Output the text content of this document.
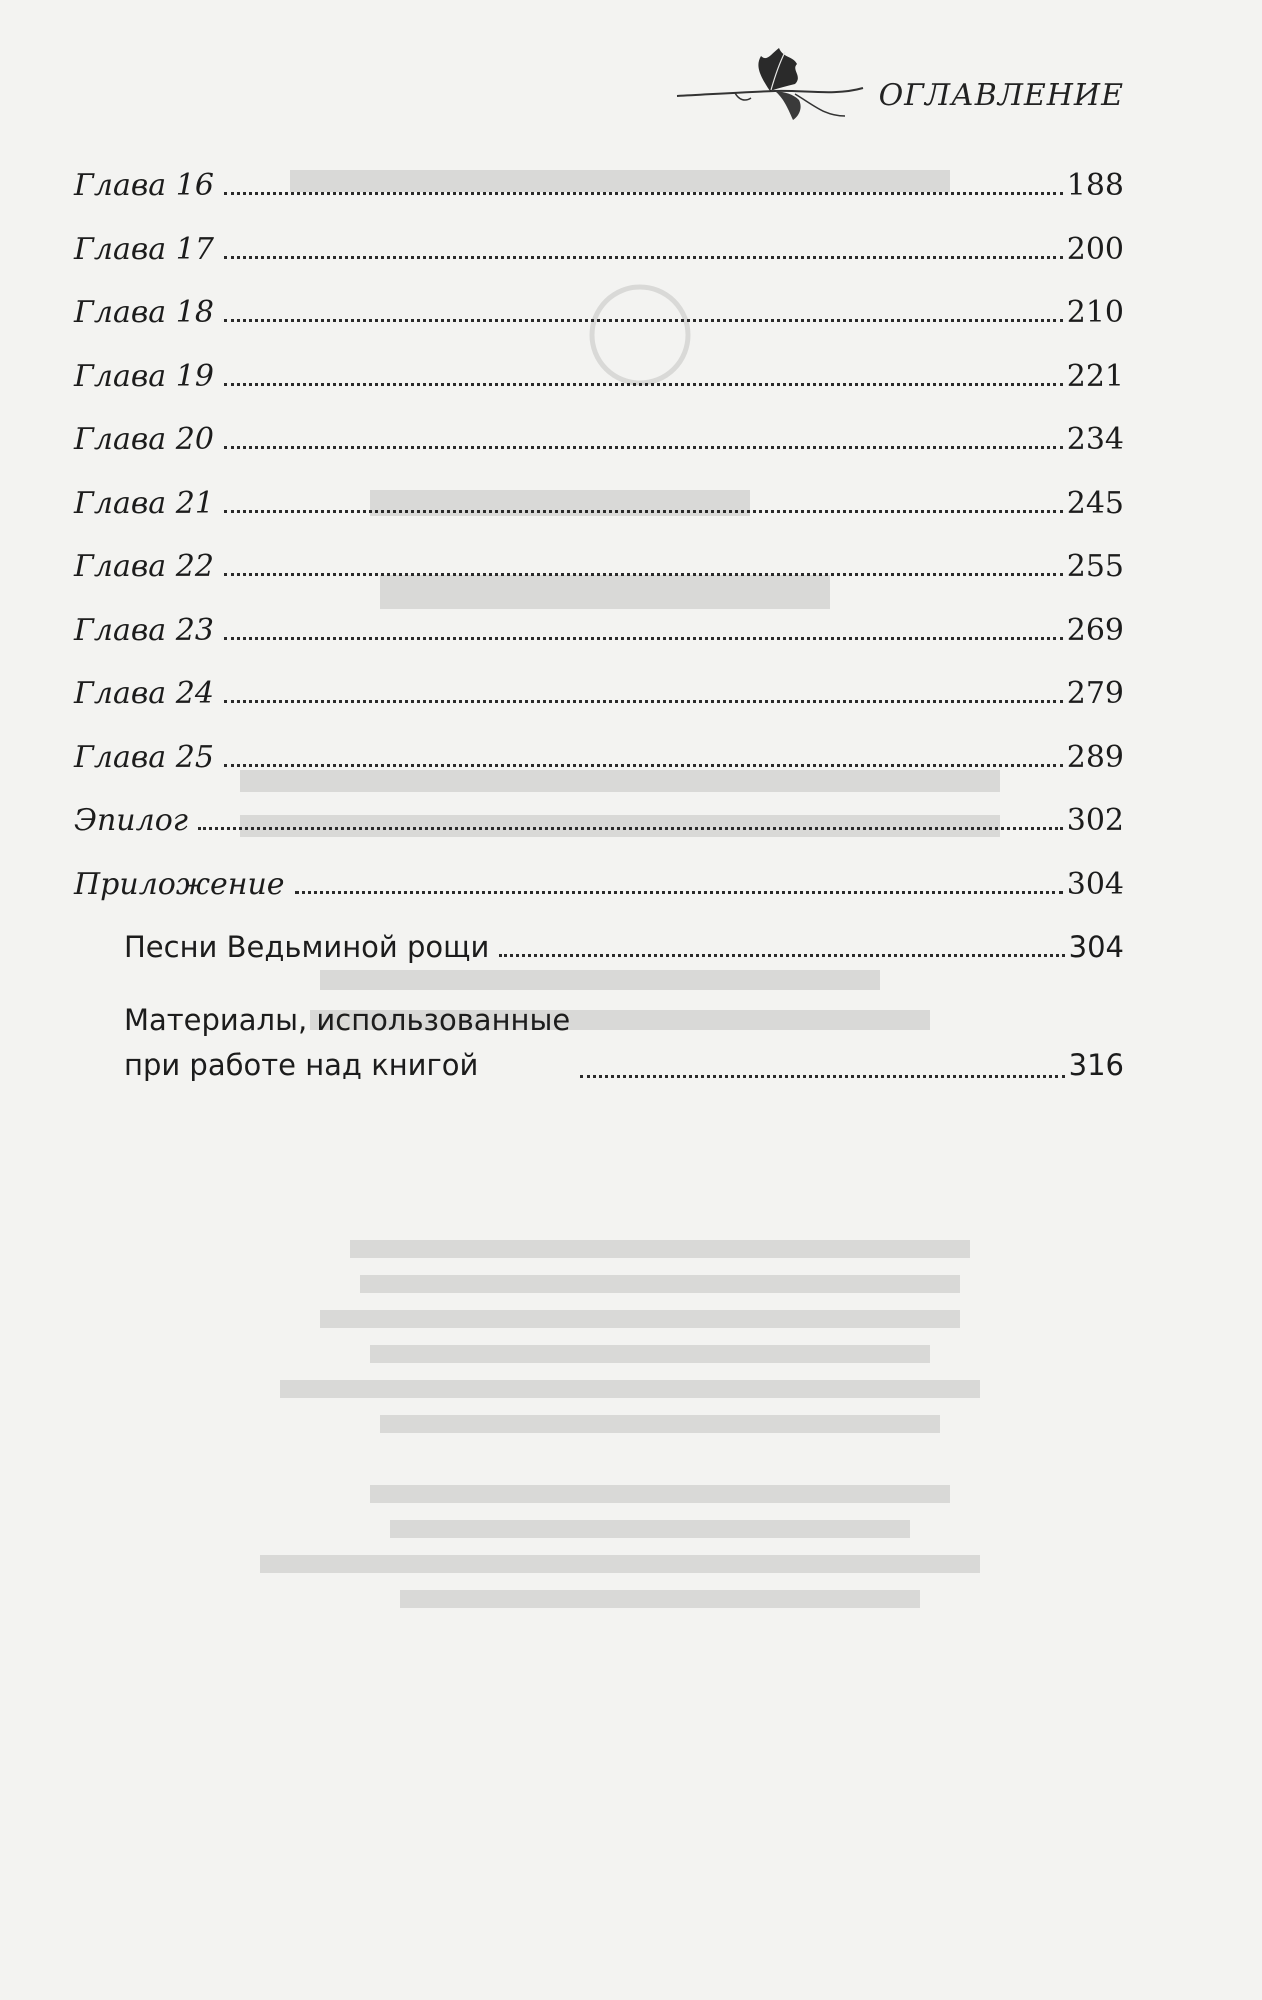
ОГЛАВЛЕНИЕ
Глава 16	188
Глава 17	200
Глава 18	210
Глава 19	221
Глава 20	234
Глава 21	245
Глава 22	255
Глава 23	269
Глава 24	279
Глава 25	289
Эпилог	302
Приложение	304
Песни Ведьминой рощи	304
Материалы, использованные
при работе над книгой	316
